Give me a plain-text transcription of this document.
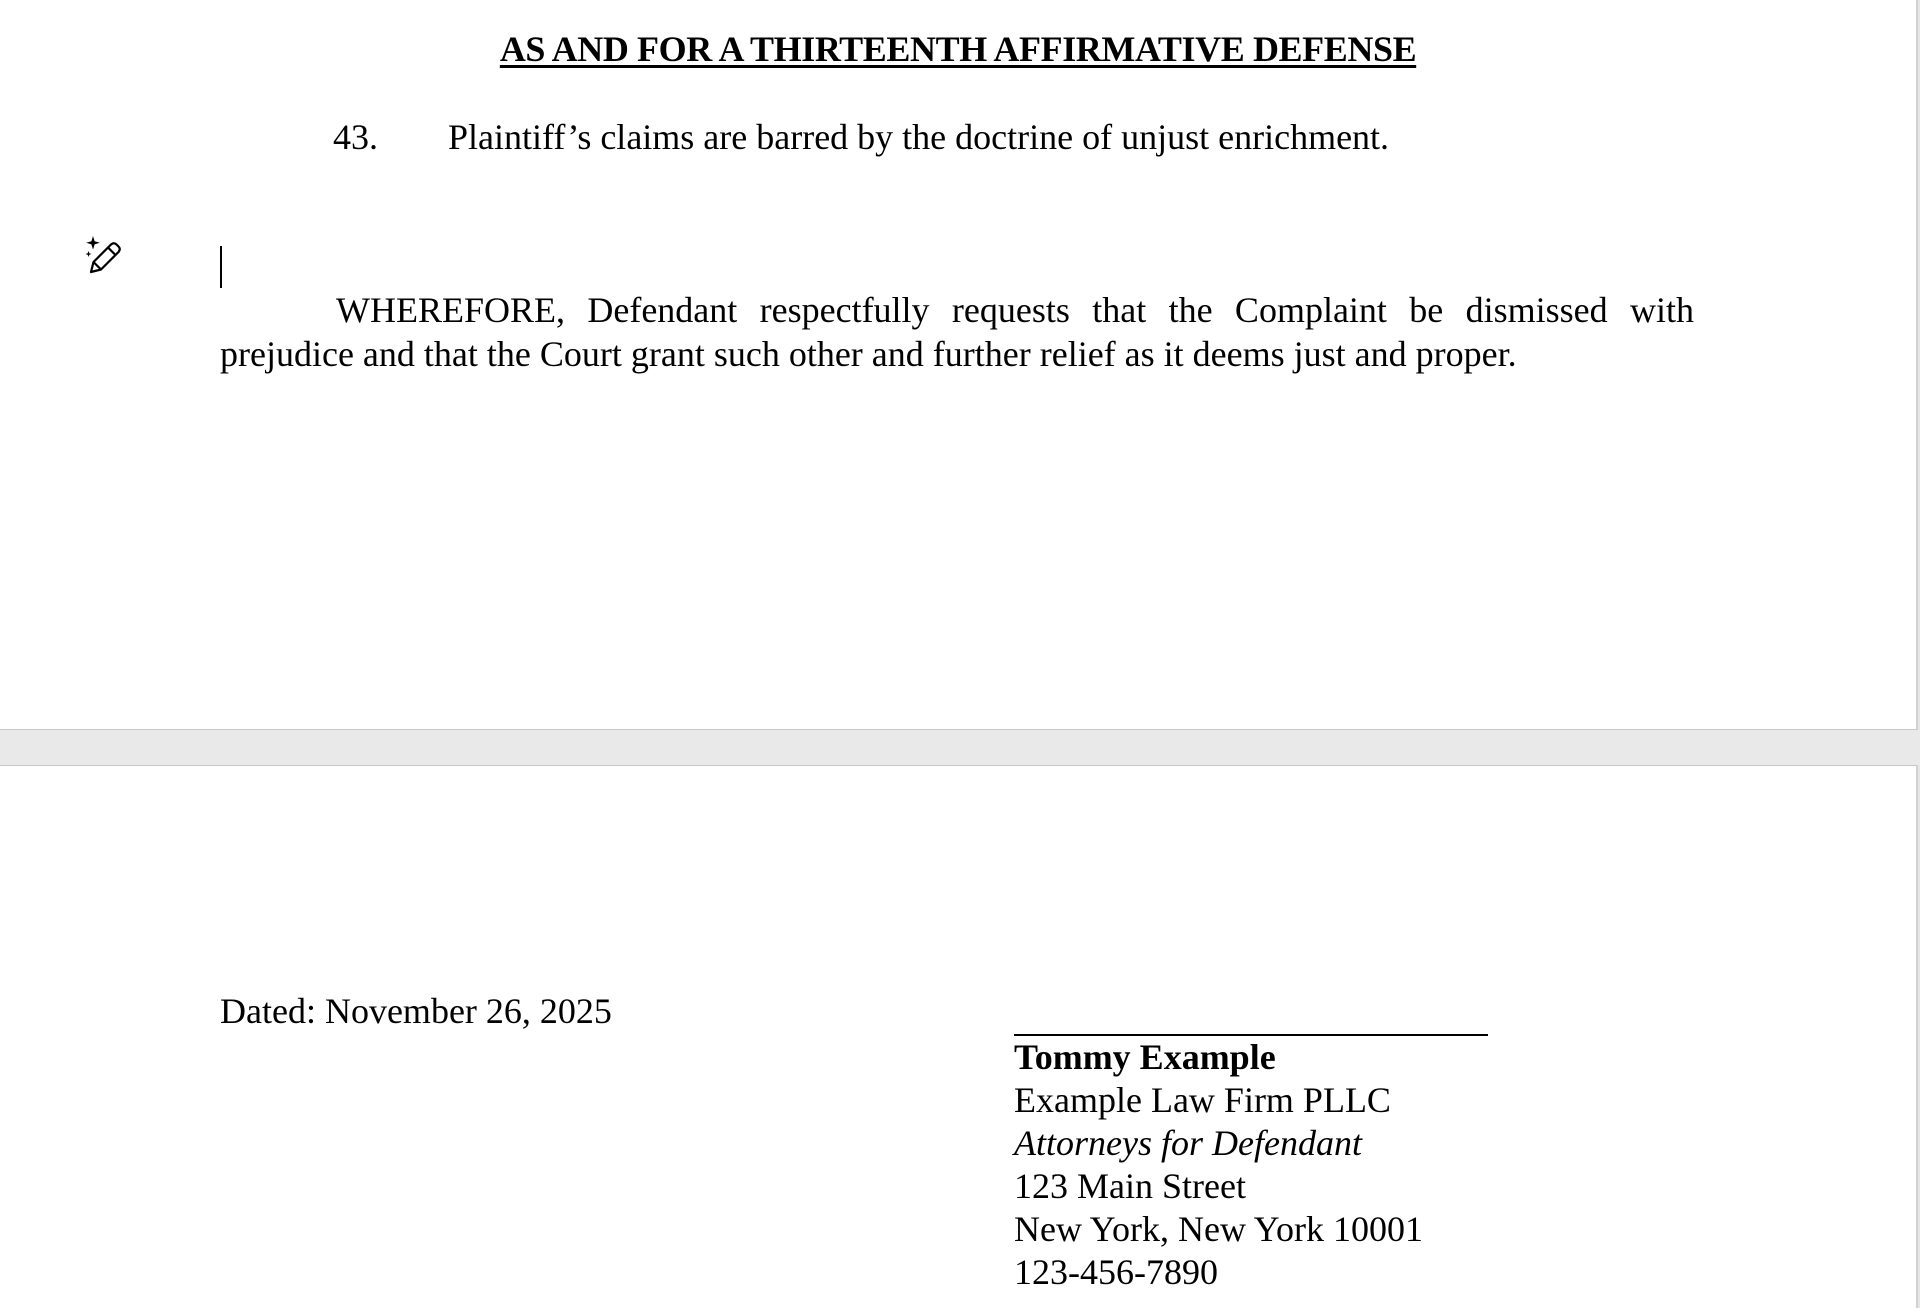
AS AND FOR A THIRTEENTH AFFIRMATIVE DEFENSE
43. Plaintiff’s claims are barred by the doctrine of unjust enrichment.
WHEREFORE, Defendant respectfully requests that the Complaint be dismissed with prejudice and that the Court grant such other and further relief as it deems just and proper.
Dated: November 26, 2025
Tommy Example
Example Law Firm PLLC
Attorneys for Defendant
123 Main Street
New York, New York 10001
123-456-7890
